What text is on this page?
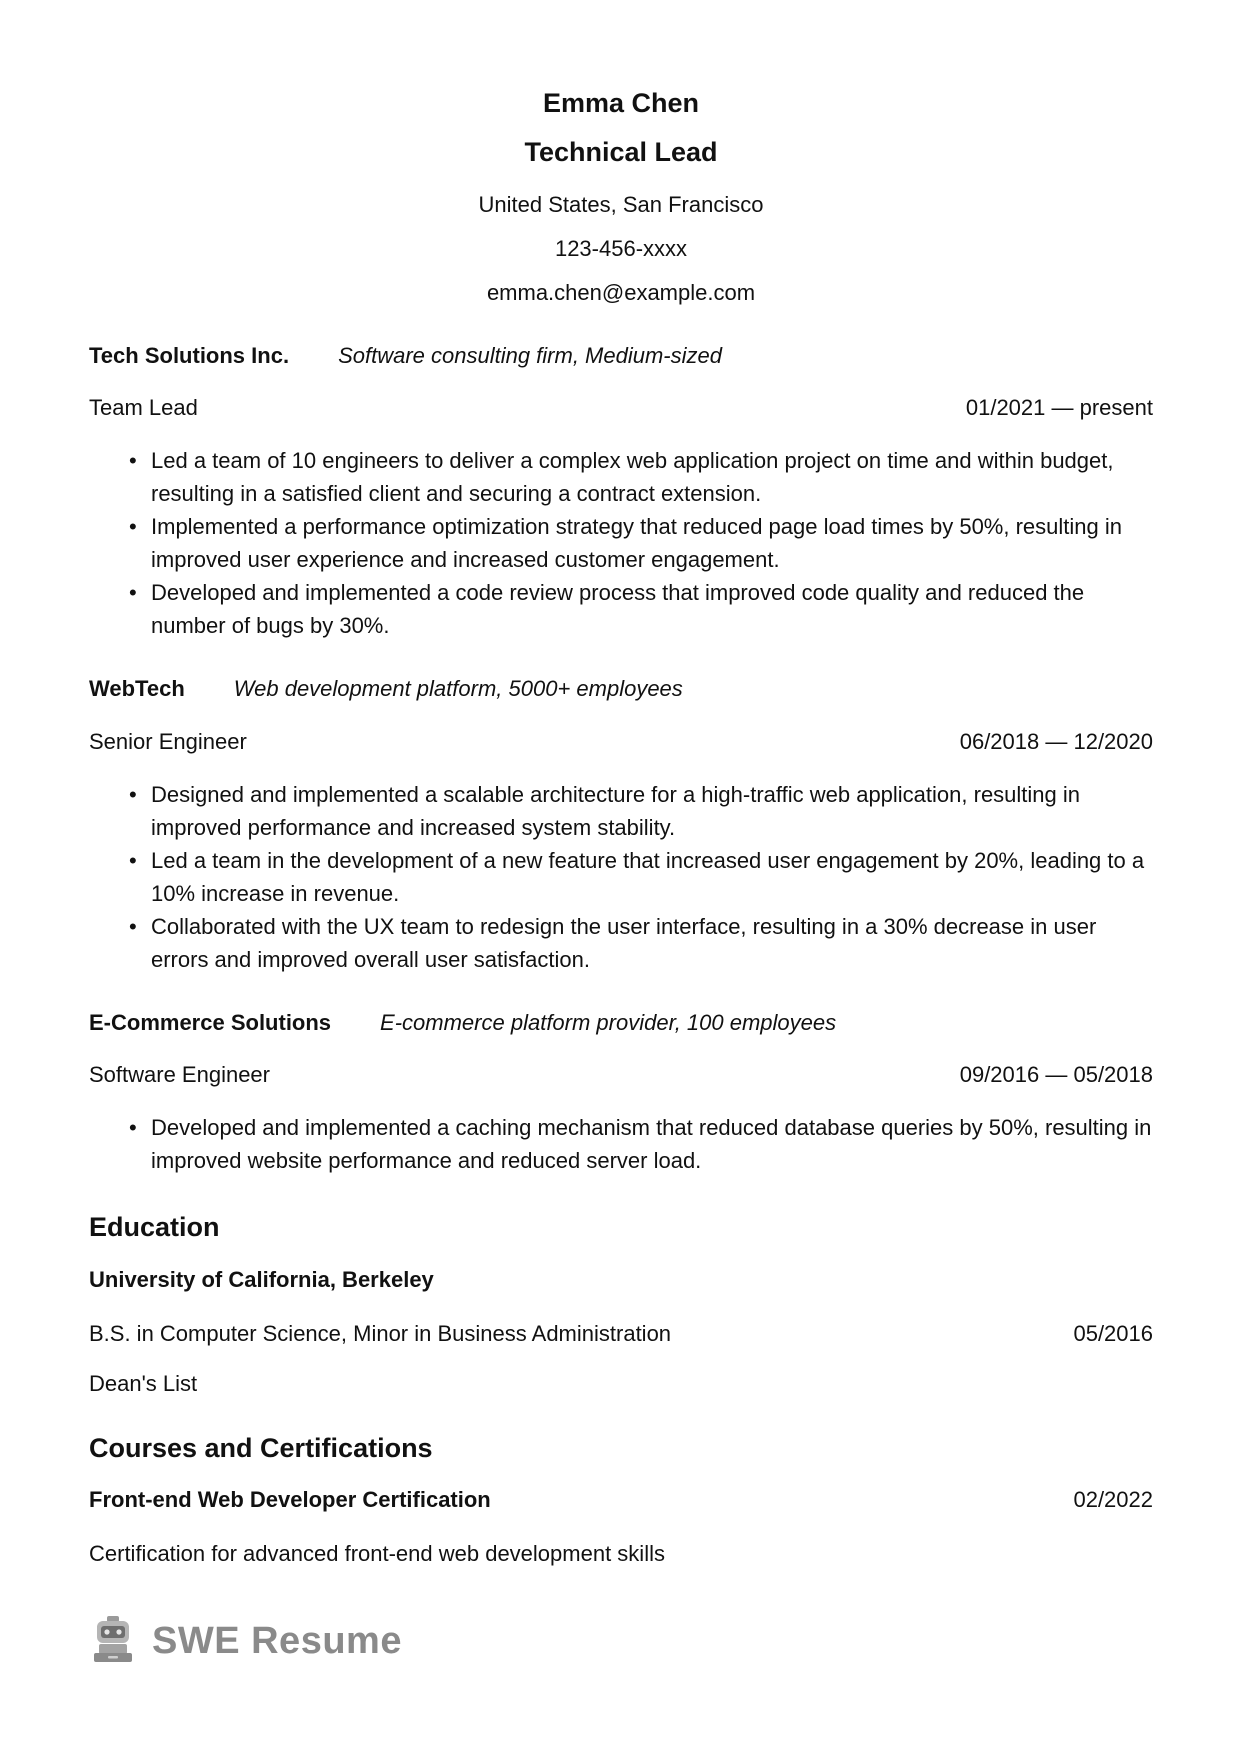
Emma Chen
Technical Lead
United States, San Francisco
123-456-xxxx
emma.chen@example.com
Tech Solutions Inc. Software consulting firm, Medium-sized
Team Lead	01/2021 — present
• Led a team of 10 engineers to deliver a complex web application project on time and within budget, resulting in a satisfied client and securing a contract extension.
• Implemented a performance optimization strategy that reduced page load times by 50%, resulting in improved user experience and increased customer engagement.
• Developed and implemented a code review process that improved code quality and reduced the number of bugs by 30%.
WebTech Web development platform, 5000+ employees
Senior Engineer	06/2018 — 12/2020
• Designed and implemented a scalable architecture for a high-traffic web application, resulting in improved performance and increased system stability.
• Led a team in the development of a new feature that increased user engagement by 20%, leading to a 10% increase in revenue.
• Collaborated with the UX team to redesign the user interface, resulting in a 30% decrease in user errors and improved overall user satisfaction.
E-Commerce Solutions E-commerce platform provider, 100 employees
Software Engineer	09/2016 — 05/2018
• Developed and implemented a caching mechanism that reduced database queries by 50%, resulting in improved website performance and reduced server load.
Education
University of California, Berkeley
B.S. in Computer Science, Minor in Business Administration	05/2016
Dean's List
Courses and Certifications
Front-end Web Developer Certification	02/2022
Certification for advanced front-end web development skills
SWE Resume
